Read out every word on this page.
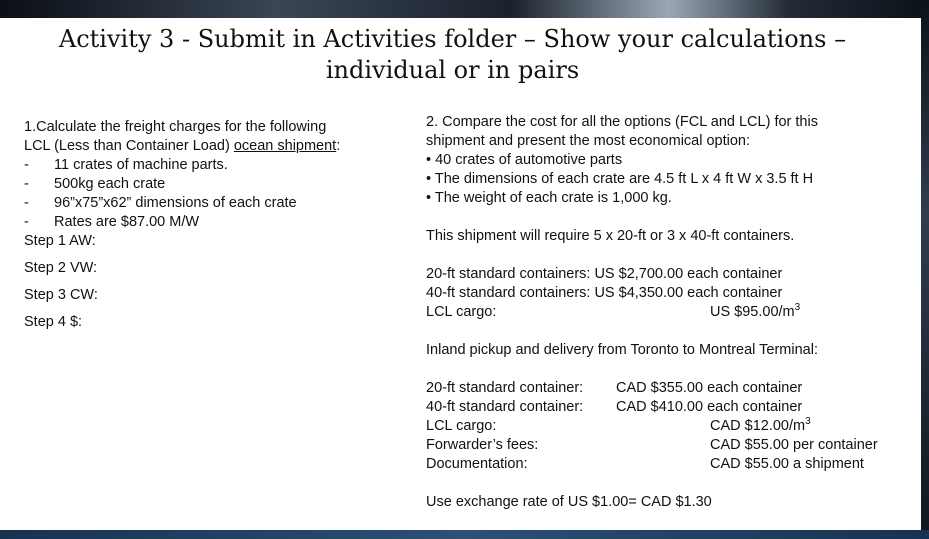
Activity 3 - Submit in Activities folder – Show your calculations –
individual or in pairs
1.Calculate the freight charges for the following
LCL (Less than Container Load) ocean shipment:
- 11 crates of machine parts.
- 500kg each crate
- 96”x75”x62” dimensions of each crate
- Rates are $87.00 M/W
Step 1 AW:
Step 2 VW:
Step 3 CW:
Step 4 $:
2. Compare the cost for all the options (FCL and LCL) for this
shipment and present the most economical option:
• 40 crates of automotive parts
• The dimensions of each crate are 4.5 ft L x 4 ft W x 3.5 ft H
• The weight of each crate is 1,000 kg.
This shipment will require 5 x 20-ft or 3 x 40-ft containers.
20-ft standard containers: US $2,700.00 each container
40-ft standard containers: US $4,350.00 each container
LCL cargo:	US $\$95.00/m^3$
Inland pickup and delivery from Toronto to Montreal Terminal:
20-ft standard container: CAD $355.00 each container
40-ft standard container: CAD $410.00 each container
LCL cargo:	CAD $\$12.00/m^3$
Forwarder’s fees:	CAD $55.00 per container
Documentation:	CAD $55.00 a shipment
Use exchange rate of US $1.00= CAD $1.30
